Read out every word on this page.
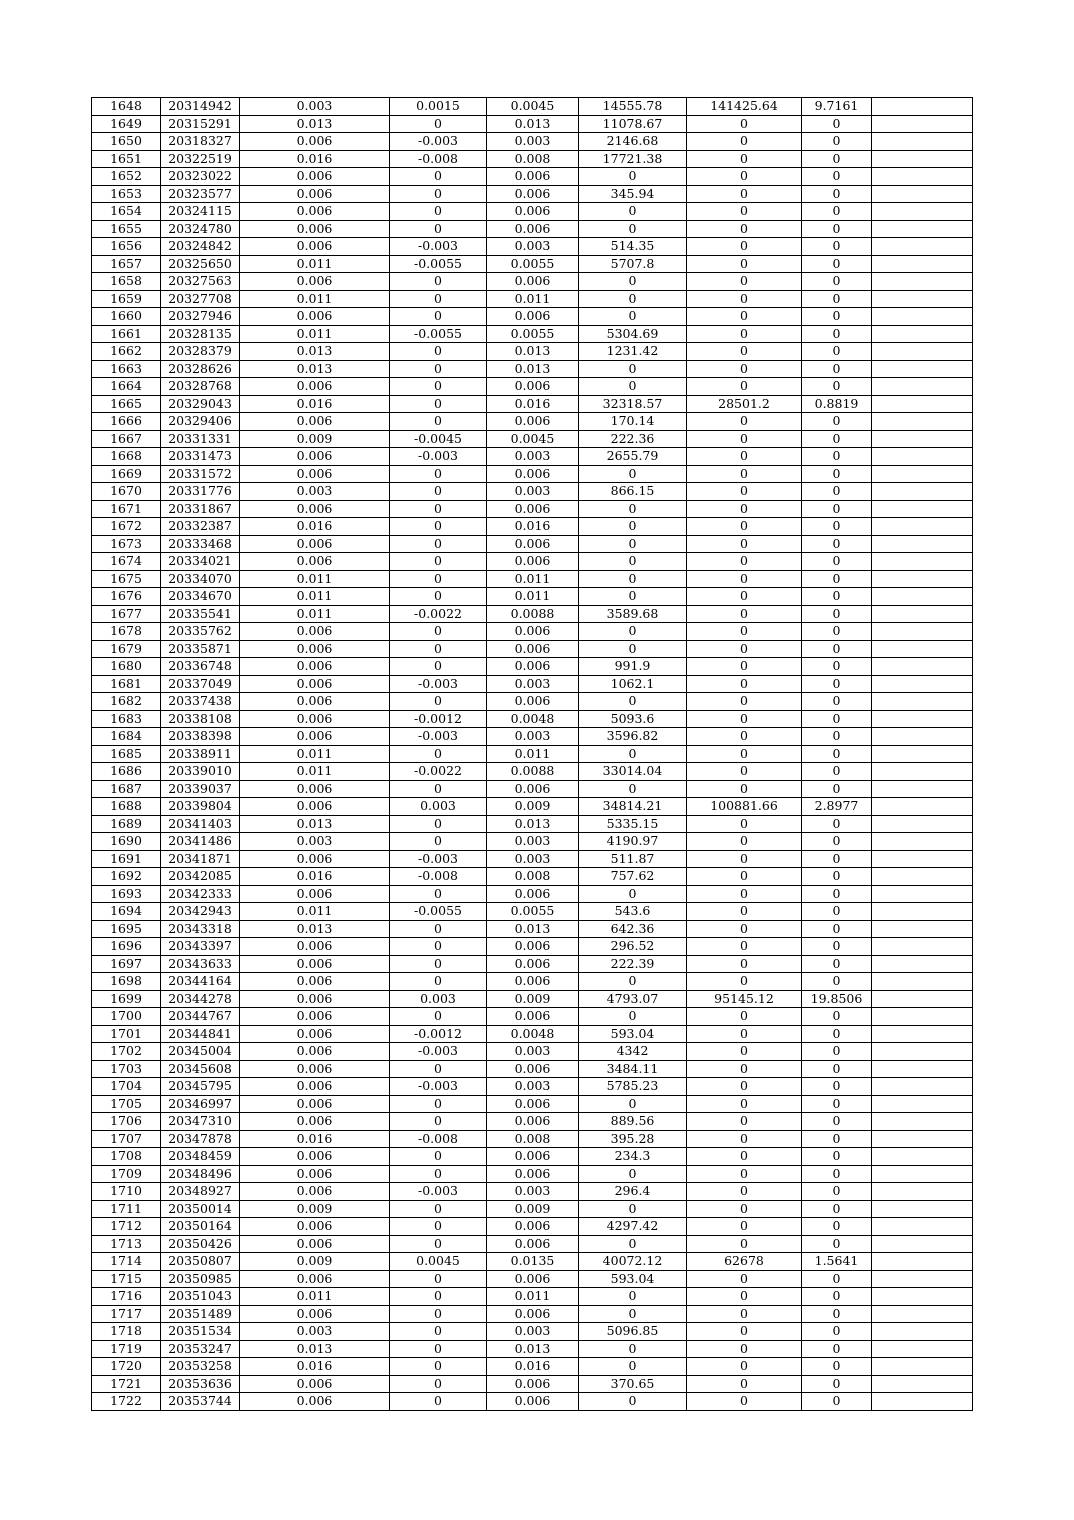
1648	20314942	0.003	0.0015	0.0045	14555.78	141425.64	9.7161	
1649	20315291	0.013	0	0.013	11078.67	0	0	
1650	20318327	0.006	-0.003	0.003	2146.68	0	0	
1651	20322519	0.016	-0.008	0.008	17721.38	0	0	
1652	20323022	0.006	0	0.006	0	0	0	
1653	20323577	0.006	0	0.006	345.94	0	0	
1654	20324115	0.006	0	0.006	0	0	0	
1655	20324780	0.006	0	0.006	0	0	0	
1656	20324842	0.006	-0.003	0.003	514.35	0	0	
1657	20325650	0.011	-0.0055	0.0055	5707.8	0	0	
1658	20327563	0.006	0	0.006	0	0	0	
1659	20327708	0.011	0	0.011	0	0	0	
1660	20327946	0.006	0	0.006	0	0	0	
1661	20328135	0.011	-0.0055	0.0055	5304.69	0	0	
1662	20328379	0.013	0	0.013	1231.42	0	0	
1663	20328626	0.013	0	0.013	0	0	0	
1664	20328768	0.006	0	0.006	0	0	0	
1665	20329043	0.016	0	0.016	32318.57	28501.2	0.8819	
1666	20329406	0.006	0	0.006	170.14	0	0	
1667	20331331	0.009	-0.0045	0.0045	222.36	0	0	
1668	20331473	0.006	-0.003	0.003	2655.79	0	0	
1669	20331572	0.006	0	0.006	0	0	0	
1670	20331776	0.003	0	0.003	866.15	0	0	
1671	20331867	0.006	0	0.006	0	0	0	
1672	20332387	0.016	0	0.016	0	0	0	
1673	20333468	0.006	0	0.006	0	0	0	
1674	20334021	0.006	0	0.006	0	0	0	
1675	20334070	0.011	0	0.011	0	0	0	
1676	20334670	0.011	0	0.011	0	0	0	
1677	20335541	0.011	-0.0022	0.0088	3589.68	0	0	
1678	20335762	0.006	0	0.006	0	0	0	
1679	20335871	0.006	0	0.006	0	0	0	
1680	20336748	0.006	0	0.006	991.9	0	0	
1681	20337049	0.006	-0.003	0.003	1062.1	0	0	
1682	20337438	0.006	0	0.006	0	0	0	
1683	20338108	0.006	-0.0012	0.0048	5093.6	0	0	
1684	20338398	0.006	-0.003	0.003	3596.82	0	0	
1685	20338911	0.011	0	0.011	0	0	0	
1686	20339010	0.011	-0.0022	0.0088	33014.04	0	0	
1687	20339037	0.006	0	0.006	0	0	0	
1688	20339804	0.006	0.003	0.009	34814.21	100881.66	2.8977	
1689	20341403	0.013	0	0.013	5335.15	0	0	
1690	20341486	0.003	0	0.003	4190.97	0	0	
1691	20341871	0.006	-0.003	0.003	511.87	0	0	
1692	20342085	0.016	-0.008	0.008	757.62	0	0	
1693	20342333	0.006	0	0.006	0	0	0	
1694	20342943	0.011	-0.0055	0.0055	543.6	0	0	
1695	20343318	0.013	0	0.013	642.36	0	0	
1696	20343397	0.006	0	0.006	296.52	0	0	
1697	20343633	0.006	0	0.006	222.39	0	0	
1698	20344164	0.006	0	0.006	0	0	0	
1699	20344278	0.006	0.003	0.009	4793.07	95145.12	19.8506	
1700	20344767	0.006	0	0.006	0	0	0	
1701	20344841	0.006	-0.0012	0.0048	593.04	0	0	
1702	20345004	0.006	-0.003	0.003	4342	0	0	
1703	20345608	0.006	0	0.006	3484.11	0	0	
1704	20345795	0.006	-0.003	0.003	5785.23	0	0	
1705	20346997	0.006	0	0.006	0	0	0	
1706	20347310	0.006	0	0.006	889.56	0	0	
1707	20347878	0.016	-0.008	0.008	395.28	0	0	
1708	20348459	0.006	0	0.006	234.3	0	0	
1709	20348496	0.006	0	0.006	0	0	0	
1710	20348927	0.006	-0.003	0.003	296.4	0	0	
1711	20350014	0.009	0	0.009	0	0	0	
1712	20350164	0.006	0	0.006	4297.42	0	0	
1713	20350426	0.006	0	0.006	0	0	0	
1714	20350807	0.009	0.0045	0.0135	40072.12	62678	1.5641	
1715	20350985	0.006	0	0.006	593.04	0	0	
1716	20351043	0.011	0	0.011	0	0	0	
1717	20351489	0.006	0	0.006	0	0	0	
1718	20351534	0.003	0	0.003	5096.85	0	0	
1719	20353247	0.013	0	0.013	0	0	0	
1720	20353258	0.016	0	0.016	0	0	0	
1721	20353636	0.006	0	0.006	370.65	0	0	
1722	20353744	0.006	0	0.006	0	0	0	
